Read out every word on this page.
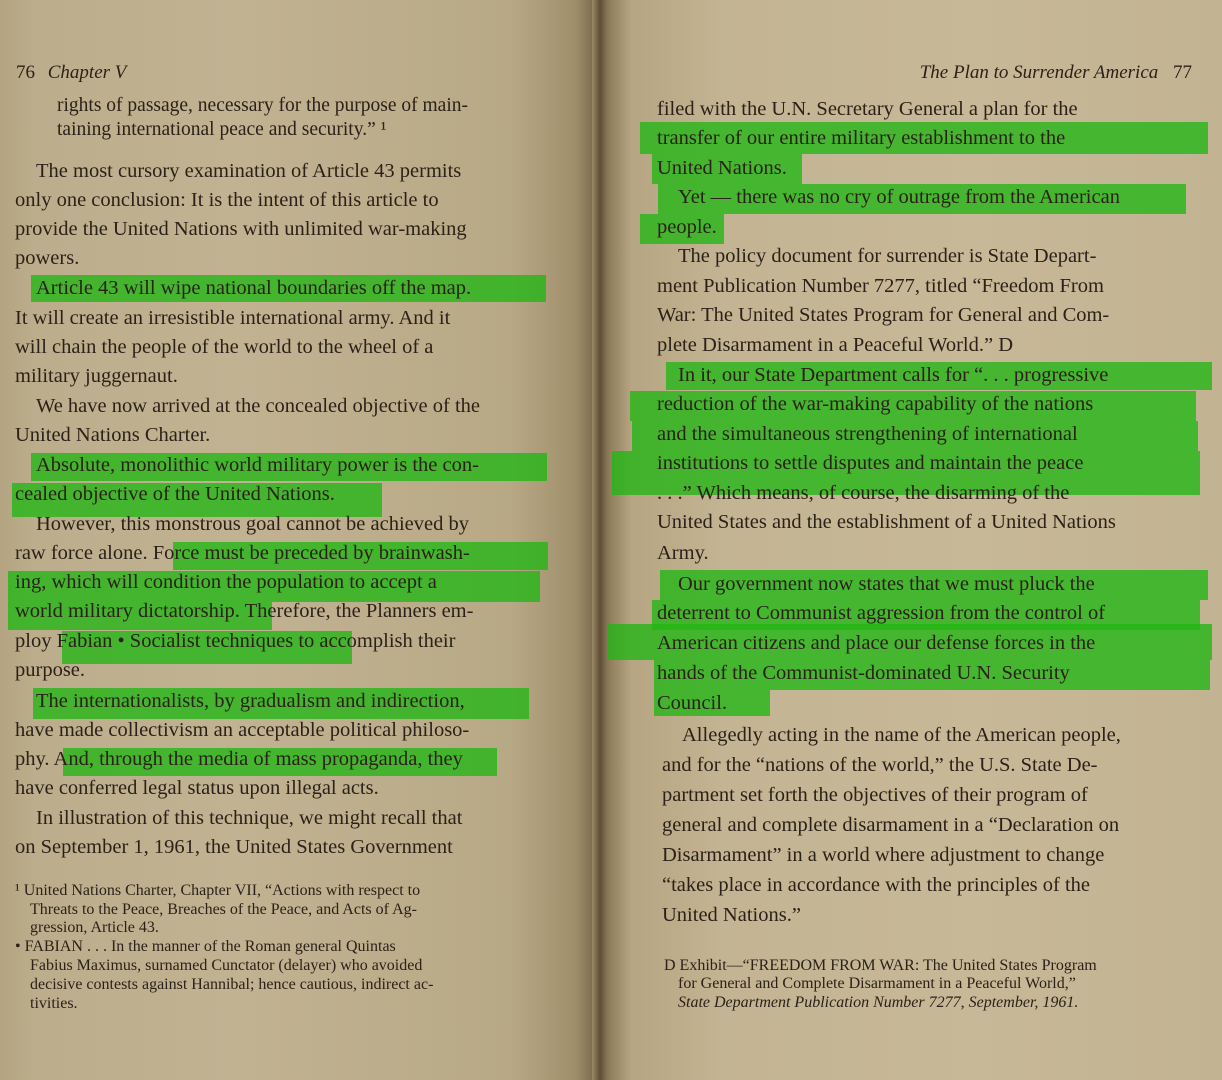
76 Chapter V
rights of passage, necessary for the purpose of main-
taining international peace and security.” ¹
The most cursory examination of Article 43 permits
only one conclusion: It is the intent of this article to
provide the United Nations with unlimited war-making
powers.
Article 43 will wipe national boundaries off the map.
It will create an irresistible international army. And it
will chain the people of the world to the wheel of a
military juggernaut.
We have now arrived at the concealed objective of the
United Nations Charter.
Absolute, monolithic world military power is the con-
cealed objective of the United Nations.
However, this monstrous goal cannot be achieved by
raw force alone. Force must be preceded by brainwash-
ing, which will condition the population to accept a
world military dictatorship. Therefore, the Planners em-
ploy Fabian • Socialist techniques to accomplish their
purpose.
The internationalists, by gradualism and indirection,
have made collectivism an acceptable political philoso-
phy. And, through the media of mass propaganda, they
have conferred legal status upon illegal acts.
In illustration of this technique, we might recall that
on September 1, 1961, the United States Government
¹ United Nations Charter, Chapter VII, “Actions with respect to
Threats to the Peace, Breaches of the Peace, and Acts of Ag-
gression, Article 43.
• FABIAN . . . In the manner of the Roman general Quintas
Fabius Maximus, surnamed Cunctator (delayer) who avoided
decisive contests against Hannibal; hence cautious, indirect ac-
tivities.
The Plan to Surrender America 77
filed with the U.N. Secretary General a plan for the
transfer of our entire military establishment to the
United Nations.
Yet — there was no cry of outrage from the American
people.
The policy document for surrender is State Depart-
ment Publication Number 7277, titled “Freedom From
War: The United States Program for General and Com-
plete Disarmament in a Peaceful World.” D
In it, our State Department calls for “. . . progressive
reduction of the war-making capability of the nations
and the simultaneous strengthening of international
institutions to settle disputes and maintain the peace
. . .” Which means, of course, the disarming of the
United States and the establishment of a United Nations
Army.
Our government now states that we must pluck the
deterrent to Communist aggression from the control of
American citizens and place our defense forces in the
hands of the Communist-dominated U.N. Security
Council.
Allegedly acting in the name of the American people,
and for the “nations of the world,” the U.S. State De-
partment set forth the objectives of their program of
general and complete disarmament in a “Declaration on
Disarmament” in a world where adjustment to change
“takes place in accordance with the principles of the
United Nations.”
D Exhibit—“FREEDOM FROM WAR: The United States Program
for General and Complete Disarmament in a Peaceful World,”
State Department Publication Number 7277, September, 1961.
